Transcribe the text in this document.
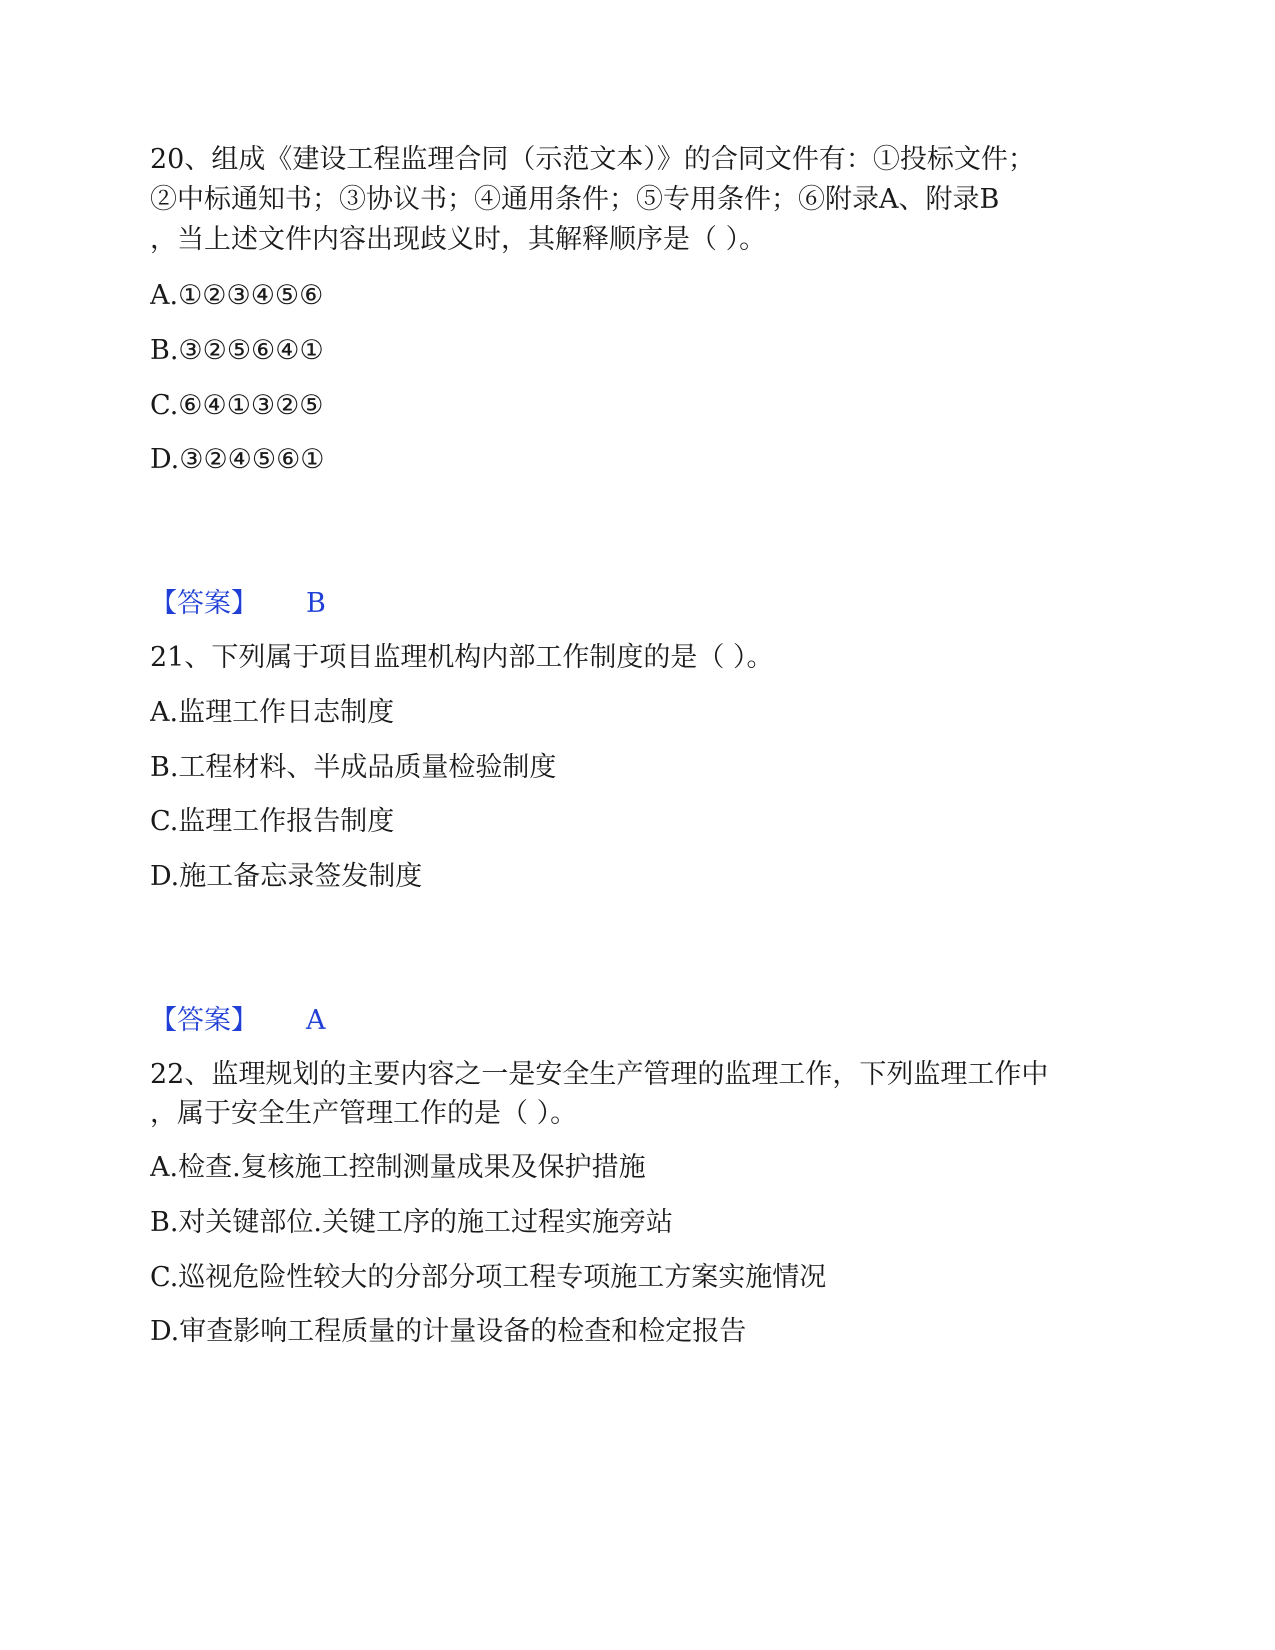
20、组成《建设工程监理合同（示范文本）》的合同文件有：①投标文件；
②中标通知书；③协议书；④通用条件；⑤专用条件；⑥附录A、附录B
，当上述文件内容出现歧义时，其解释顺序是（ ）。
A.①②③④⑤⑥
B.③②⑤⑥④①
C.⑥④①③②⑤
D.③②④⑤⑥①
【答案】 B
21、下列属于项目监理机构内部工作制度的是（ ）。
A.监理工作日志制度
B.工程材料、半成品质量检验制度
C.监理工作报告制度
D.施工备忘录签发制度
【答案】 A
22、监理规划的主要内容之一是安全生产管理的监理工作，下列监理工作中
，属于安全生产管理工作的是（ ）。
A.检查.复核施工控制测量成果及保护措施
B.对关键部位.关键工序的施工过程实施旁站
C.巡视危险性较大的分部分项工程专项施工方案实施情况
D.审查影响工程质量的计量设备的检查和检定报告
